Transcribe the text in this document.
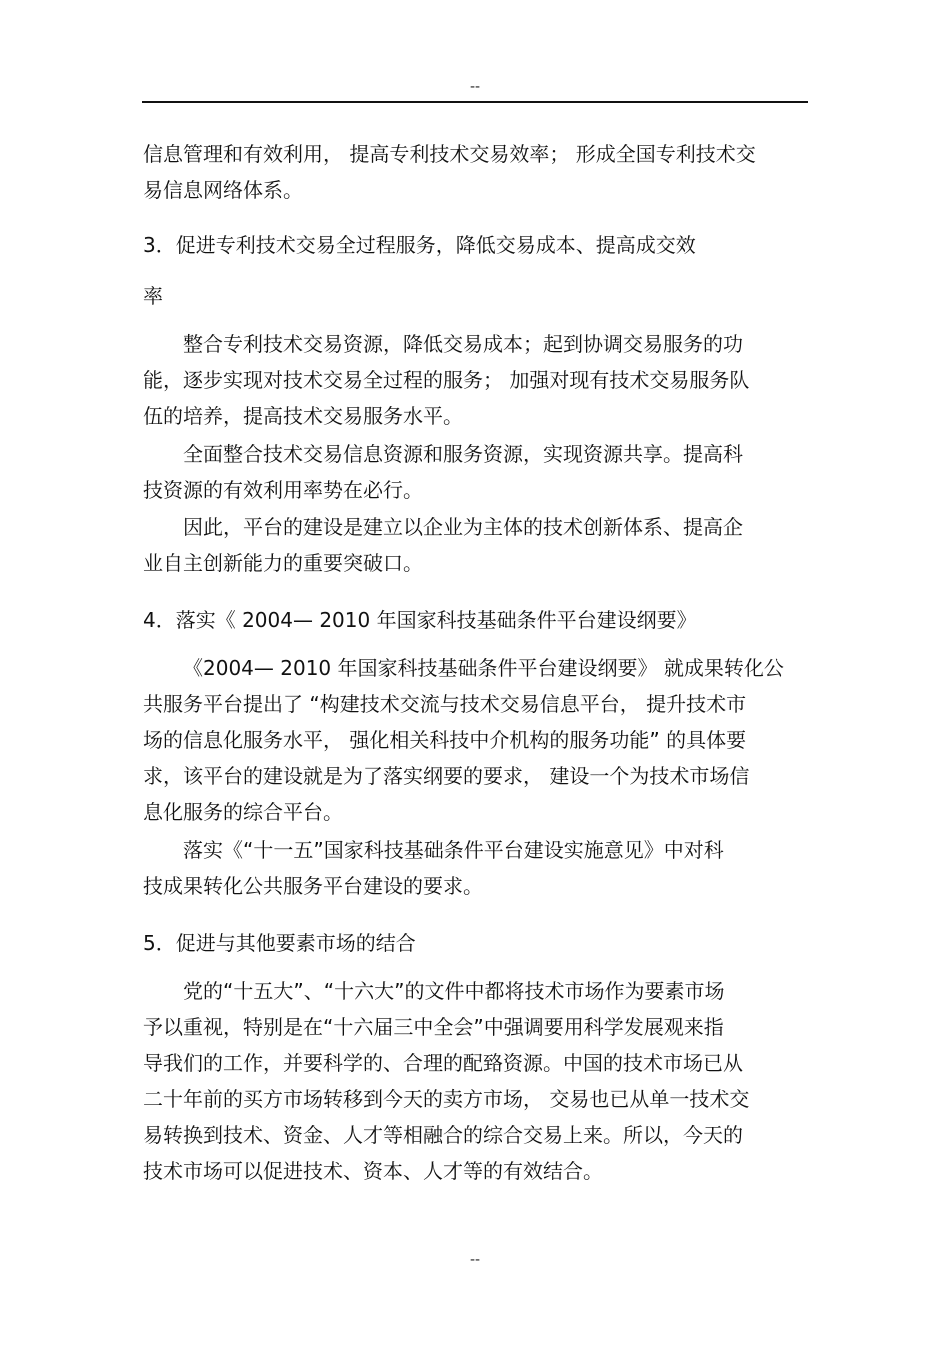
--

信息管理和有效利用， 提高专利技术交易效率； 形成全国专利技术交
易信息网络体系。

3．促进专利技术交易全过程服务，降低交易成本、提高成交效

率

整合专利技术交易资源，降低交易成本；起到协调交易服务的功
能，逐步实现对技术交易全过程的服务； 加强对现有技术交易服务队
伍的培养，提高技术交易服务水平。

全面整合技术交易信息资源和服务资源，实现资源共享。提高科
技资源的有效利用率势在必行。

因此，平台的建设是建立以企业为主体的技术创新体系、提高企
业自主创新能力的重要突破口。

4．落实《 2004— 2010 年国家科技基础条件平台建设纲要》

《2004— 2010 年国家科技基础条件平台建设纲要》 就成果转化公
共服务平台提出了 “构建技术交流与技术交易信息平台， 提升技术市
场的信息化服务水平， 强化相关科技中介机构的服务功能” 的具体要
求，该平台的建设就是为了落实纲要的要求， 建设一个为技术市场信
息化服务的综合平台。

落实《“十一五”国家科技基础条件平台建设实施意见》中对科
技成果转化公共服务平台建设的要求。

5．促进与其他要素市场的结合

党的“十五大”、“十六大”的文件中都将技术市场作为要素市场
予以重视，特别是在“十六届三中全会”中强调要用科学发展观来指
导我们的工作，并要科学的、合理的配臵资源。中国的技术市场已从
二十年前的买方市场转移到今天的卖方市场， 交易也已从单一技术交
易转换到技术、资金、人才等相融合的综合交易上来。所以，今天的
技术市场可以促进技术、资本、人才等的有效结合。

--
